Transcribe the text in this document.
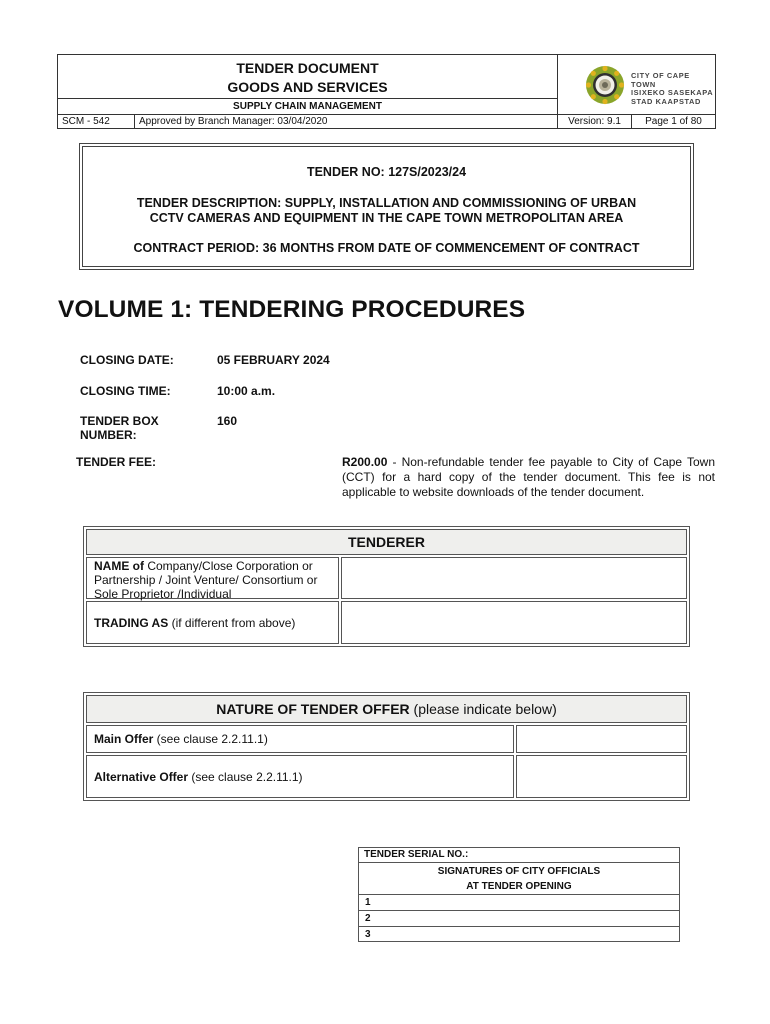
TENDER DOCUMENT
GOODS AND SERVICES
CITY OF CAPE TOWN
ISIXEKO SASEKAPA
STAD KAAPSTAD
SUPPLY CHAIN MANAGEMENT
SCM - 542	Approved by Branch Manager: 03/04/2020	Version: 9.1	Page 1 of 80
TENDER NO: 127S/2023/24
TENDER DESCRIPTION: SUPPLY, INSTALLATION AND COMMISSIONING OF URBAN
CCTV CAMERAS AND EQUIPMENT IN THE CAPE TOWN METROPOLITAN AREA
CONTRACT PERIOD: 36 MONTHS FROM DATE OF COMMENCEMENT OF CONTRACT
VOLUME 1: TENDERING PROCEDURES
CLOSING DATE:	05 FEBRUARY 2024
CLOSING TIME:	10:00 a.m.
TENDER BOX
NUMBER:
160
TENDER FEE:	R200.00 - Non-refundable tender fee payable to City of Cape Town (CCT) for a hard copy of the tender document. This fee is not applicable to website downloads of the tender document.
TENDERER
NAME of Company/Close Corporation or Partnership / Joint Venture/ Consortium or Sole Proprietor /Individual
TRADING AS (if different from above)
NATURE OF TENDER OFFER (please indicate below)
Main Offer (see clause 2.2.11.1)
Alternative Offer (see clause 2.2.11.1)
TENDER SERIAL NO.:
SIGNATURES OF CITY OFFICIALS
AT TENDER OPENING
1
2
3
